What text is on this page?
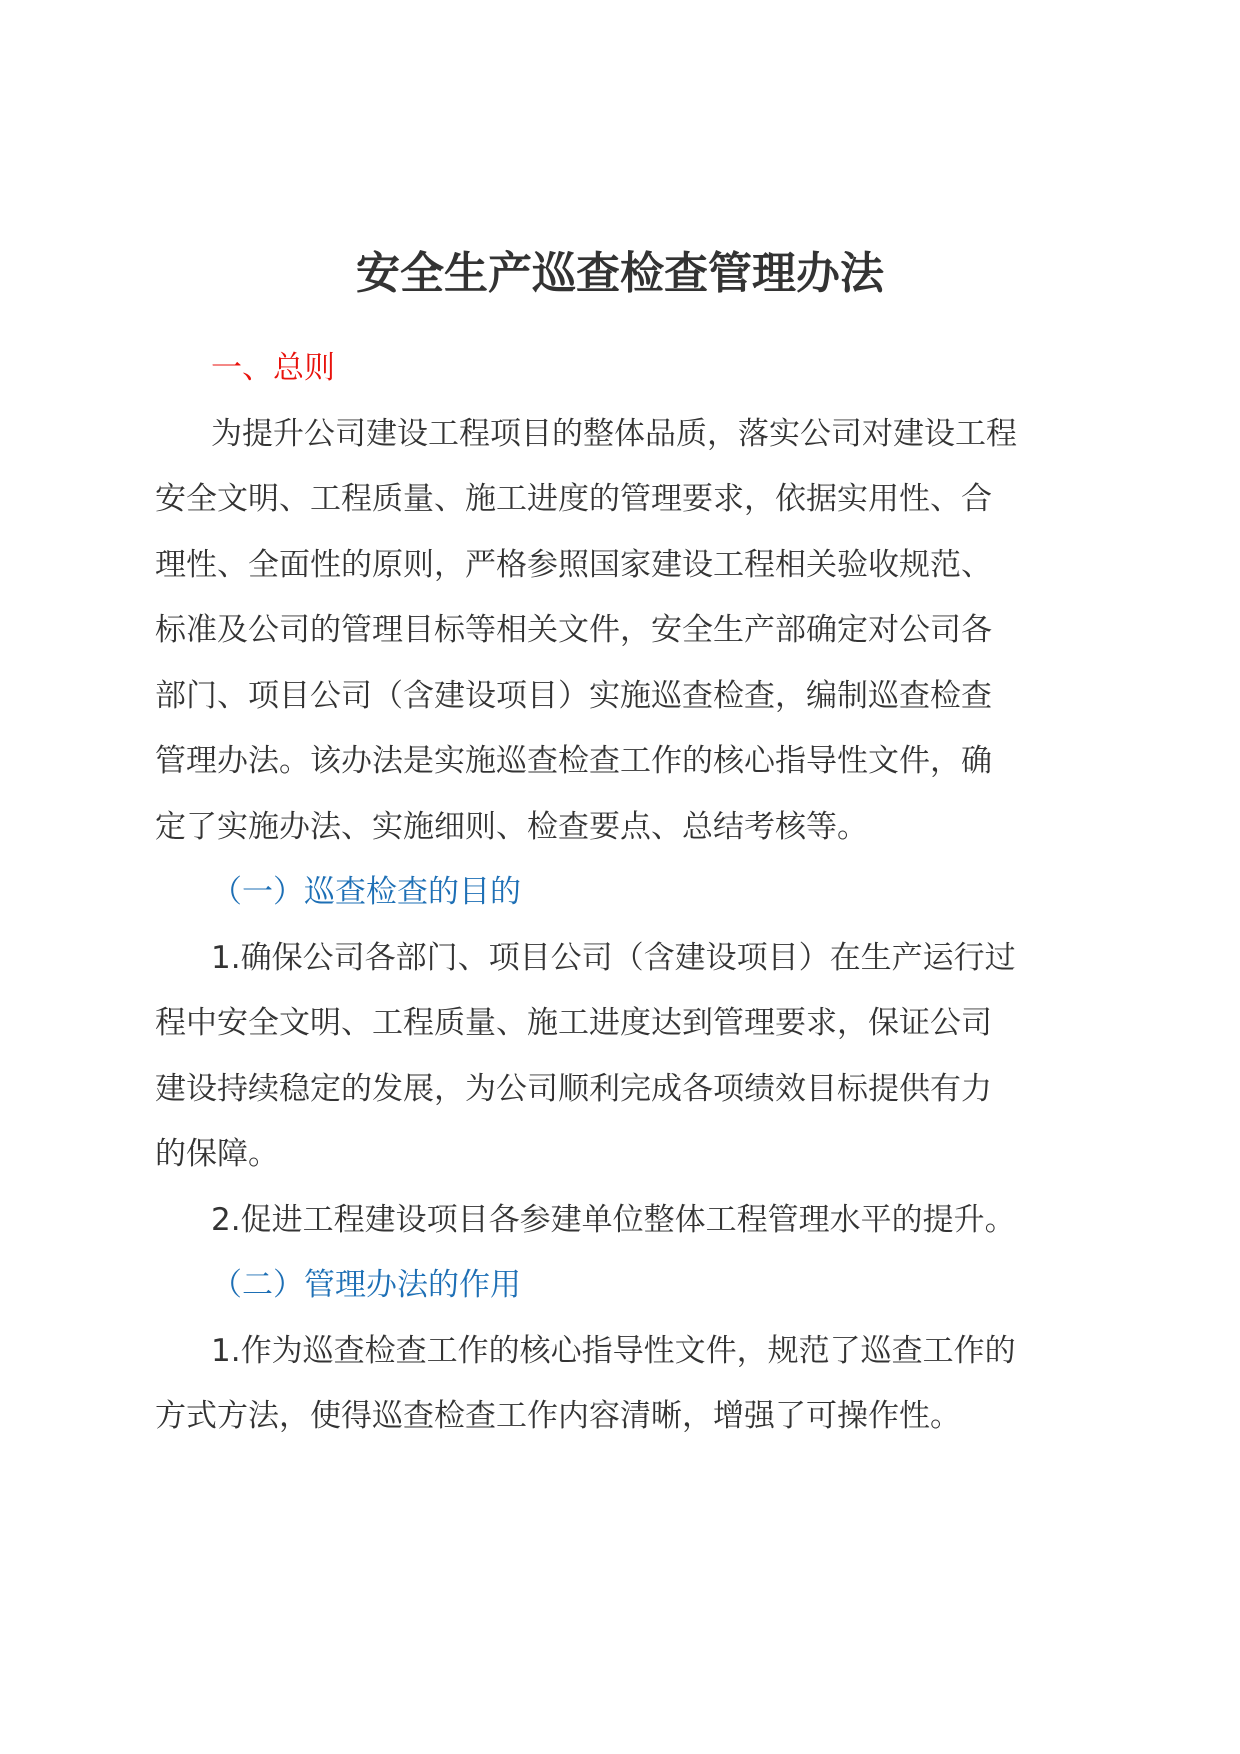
安全生产巡查检查管理办法

一、总则

为提升公司建设工程项目的整体品质，落实公司对建设工程

安全文明、工程质量、施工进度的管理要求，依据实用性、合

理性、全面性的原则，严格参照国家建设工程相关验收规范、

标准及公司的管理目标等相关文件，安全生产部确定对公司各

部门、项目公司（含建设项目）实施巡查检查，编制巡查检查

管理办法。该办法是实施巡查检查工作的核心指导性文件，确

定了实施办法、实施细则、检查要点、总结考核等。

（一）巡查检查的目的

1.确保公司各部门、项目公司（含建设项目）在生产运行过

程中安全文明、工程质量、施工进度达到管理要求，保证公司

建设持续稳定的发展，为公司顺利完成各项绩效目标提供有力

的保障。

2.促进工程建设项目各参建单位整体工程管理水平的提升。

（二）管理办法的作用

1.作为巡查检查工作的核心指导性文件，规范了巡查工作的

方式方法，使得巡查检查工作内容清晰，增强了可操作性。
